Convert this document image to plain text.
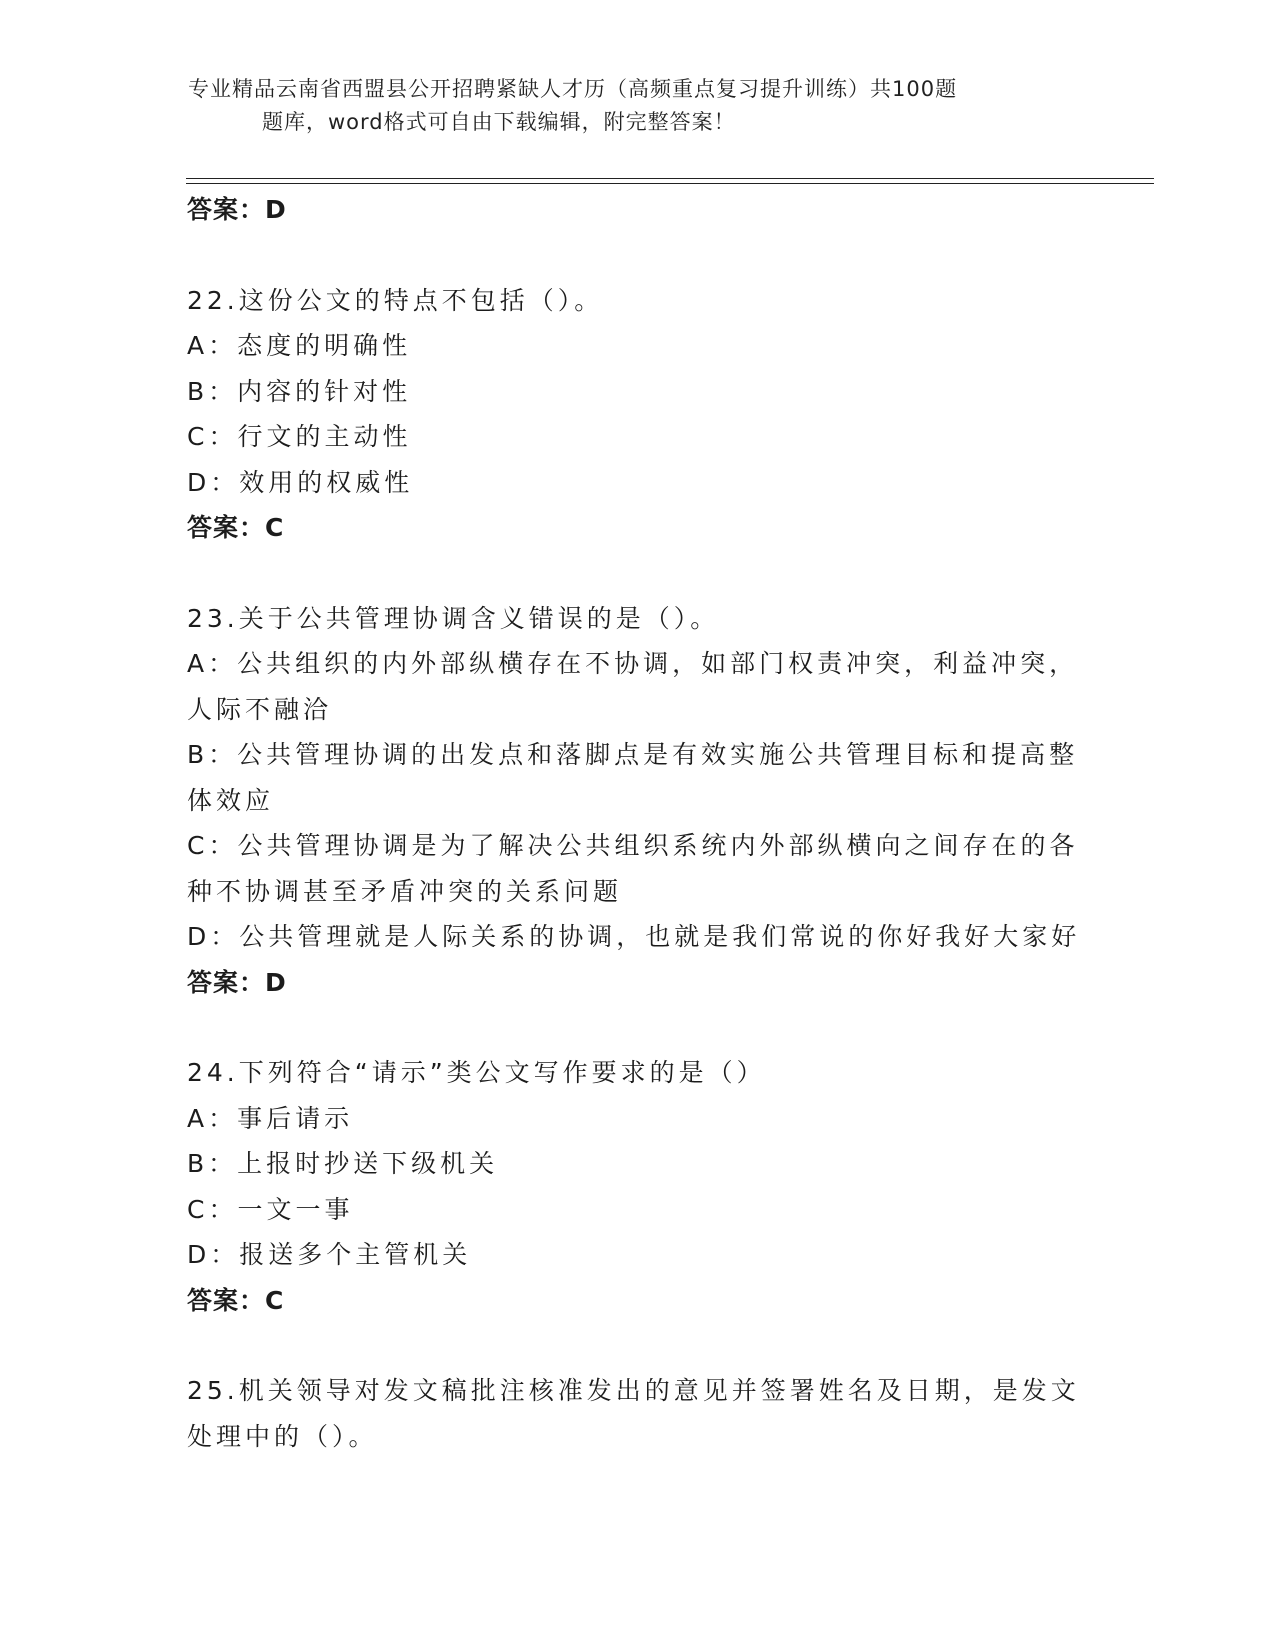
专业精品云南省西盟县公开招聘紧缺人才历（高频重点复习提升训练）共100题
题库，word格式可自由下载编辑，附完整答案！
答案：D
22.这份公文的特点不包括（）。
A：态度的明确性
B：内容的针对性
C：行文的主动性
D：效用的权威性
答案：C
23.关于公共管理协调含义错误的是（）。
A：公共组织的内外部纵横存在不协调，如部门权责冲突，利益冲突，
人际不融洽
B：公共管理协调的出发点和落脚点是有效实施公共管理目标和提高整
体效应
C：公共管理协调是为了解决公共组织系统内外部纵横向之间存在的各
种不协调甚至矛盾冲突的关系问题
D：公共管理就是人际关系的协调，也就是我们常说的你好我好大家好
答案：D
24.下列符合“请示”类公文写作要求的是（）
A：事后请示
B：上报时抄送下级机关
C：一文一事
D：报送多个主管机关
答案：C
25.机关领导对发文稿批注核准发出的意见并签署姓名及日期，是发文
处理中的（）。
